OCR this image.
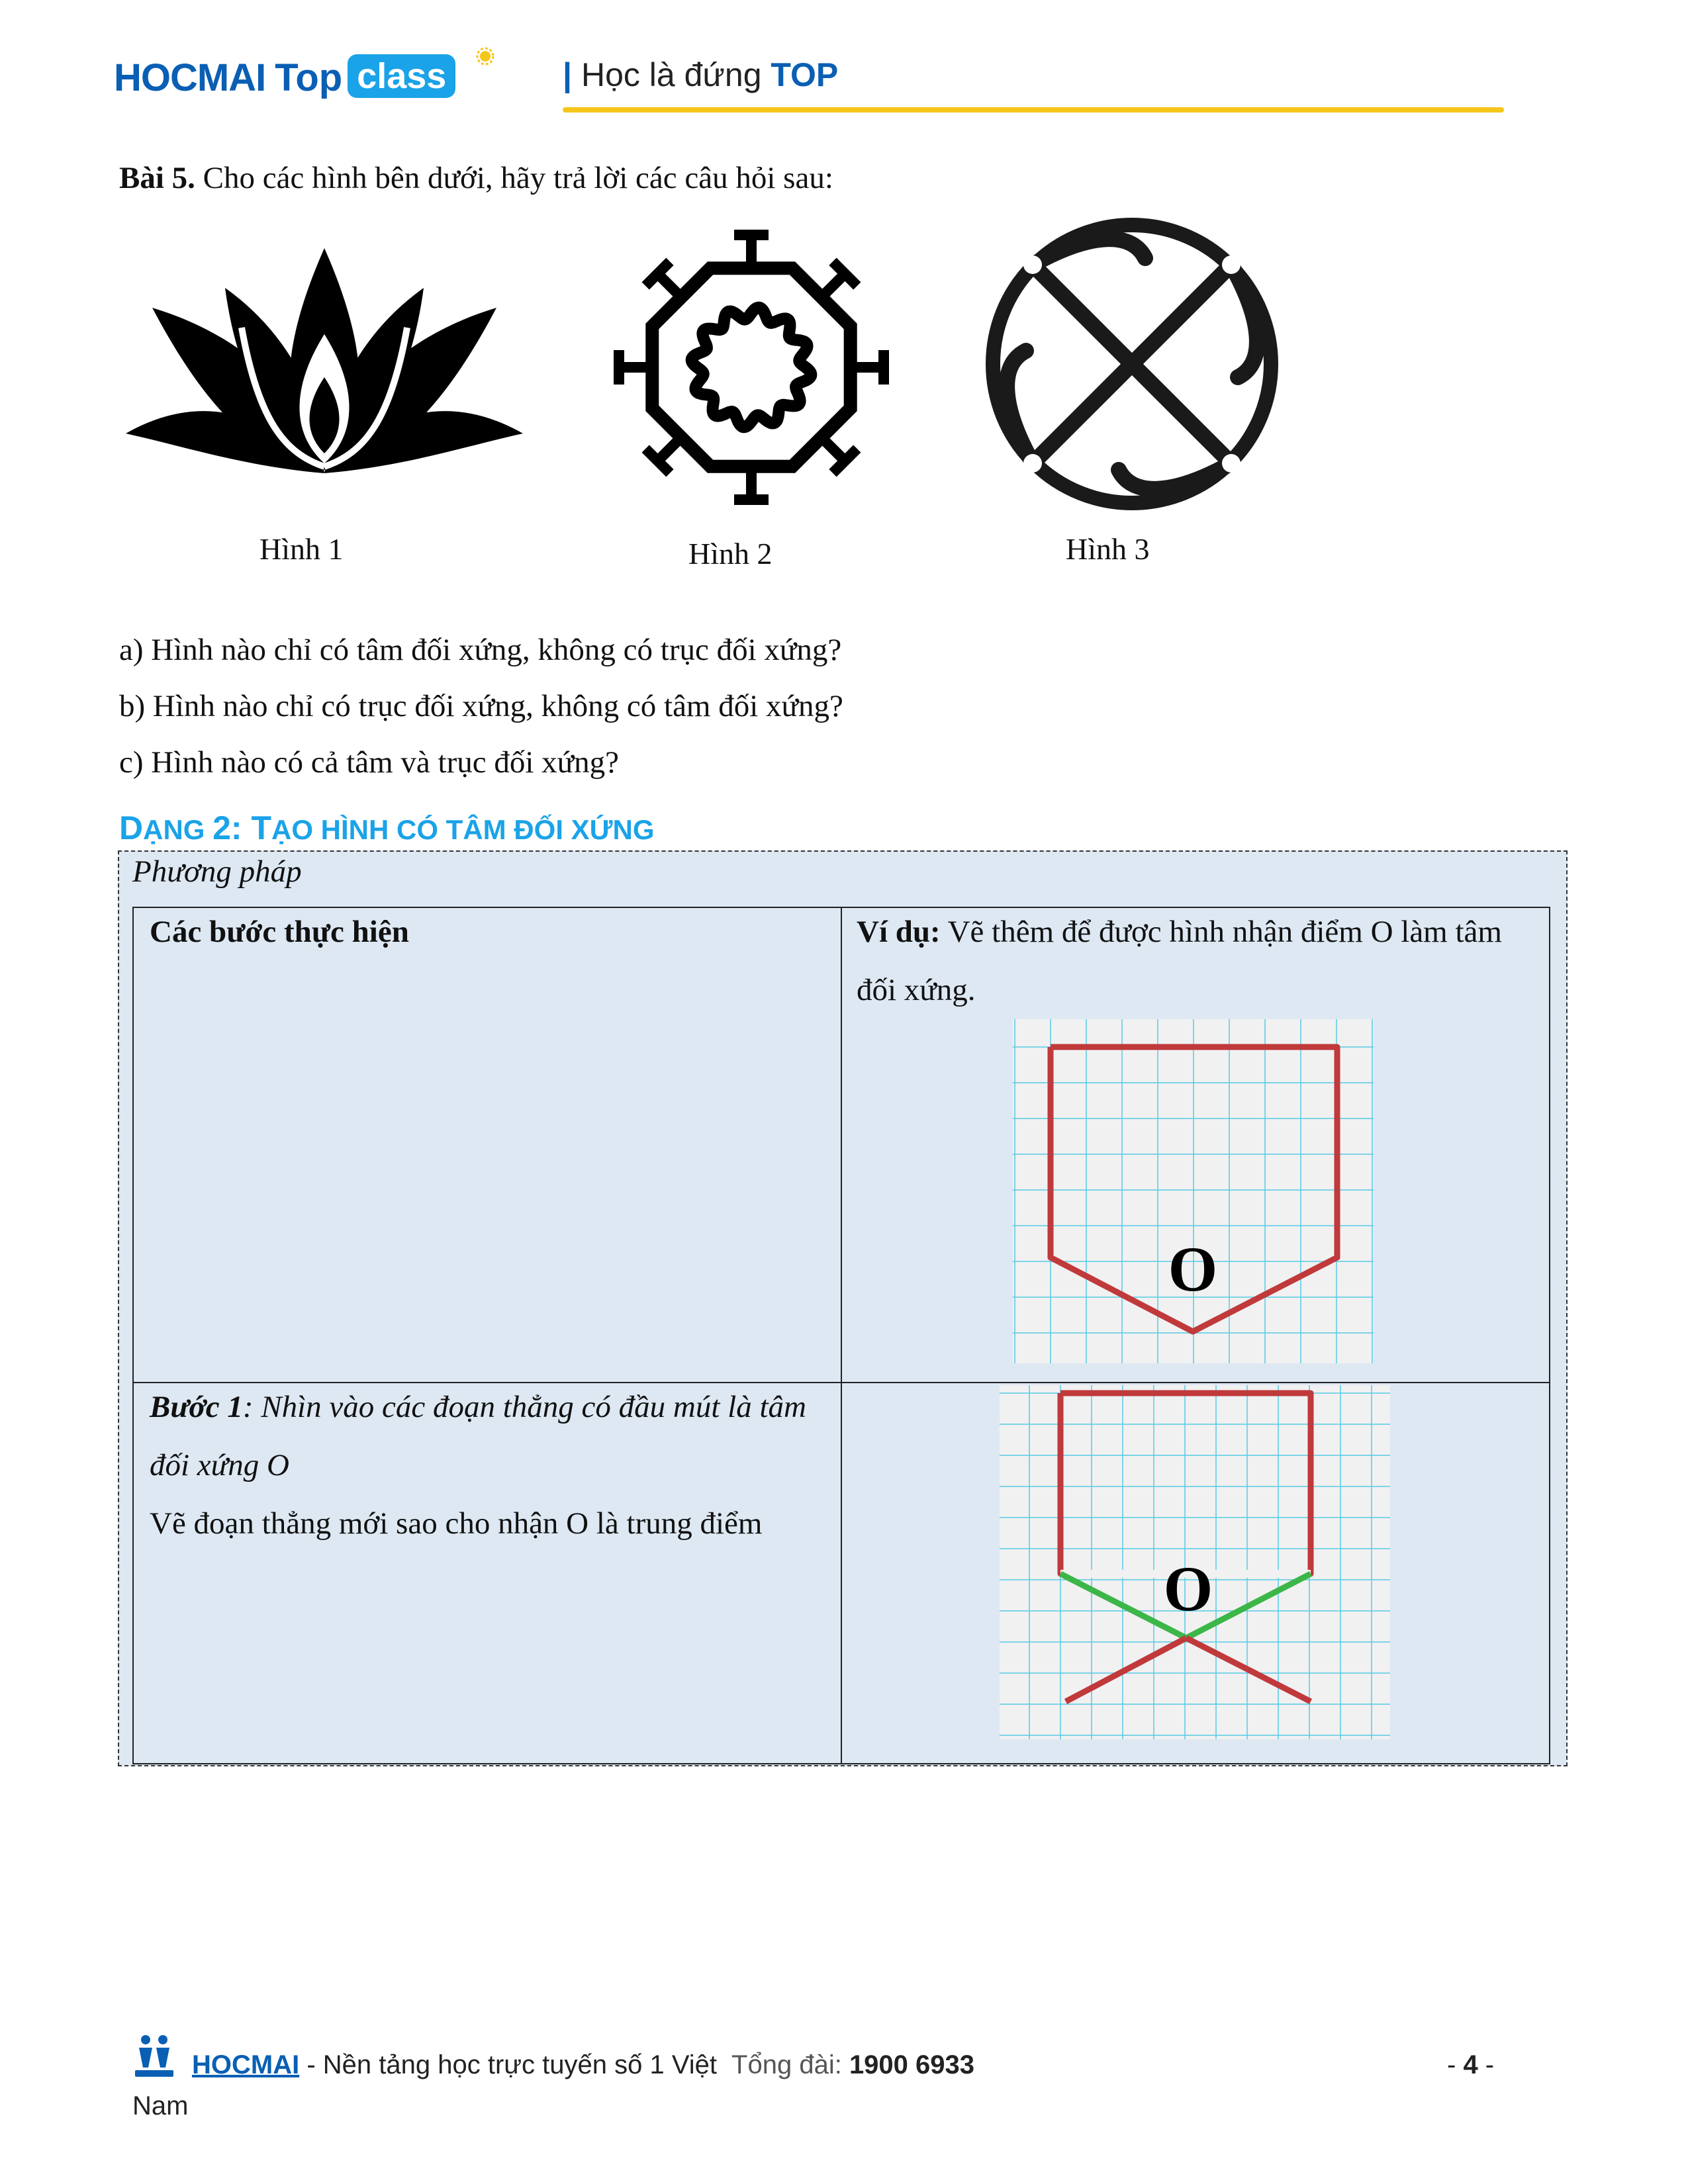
HOCMAI Top class	| Học là đứng TOP
Bài 5. Cho các hình bên dưới, hãy trả lời các câu hỏi sau:
Hình 1	Hình 2	Hình 3
a) Hình nào chỉ có tâm đối xứng, không có trục đối xứng?
b) Hình nào chỉ có trục đối xứng, không có tâm đối xứng?
c) Hình nào có cả tâm và trục đối xứng?
DẠNG 2: TẠO HÌNH CÓ TÂM ĐỐI XỨNG
Phương pháp
Các bước thực hiện	Ví dụ: Vẽ thêm để được hình nhận điểm O làm tâm đối xứng.
O
Bước 1: Nhìn vào các đoạn thẳng có đầu mút là tâm đối xứng O
Vẽ đoạn thẳng mới sao cho nhận O là trung điểm
O
HOCMAI - Nền tảng học trực tuyến số 1 Việt Tổng đài: 1900 6933	- 4 -
Nam
